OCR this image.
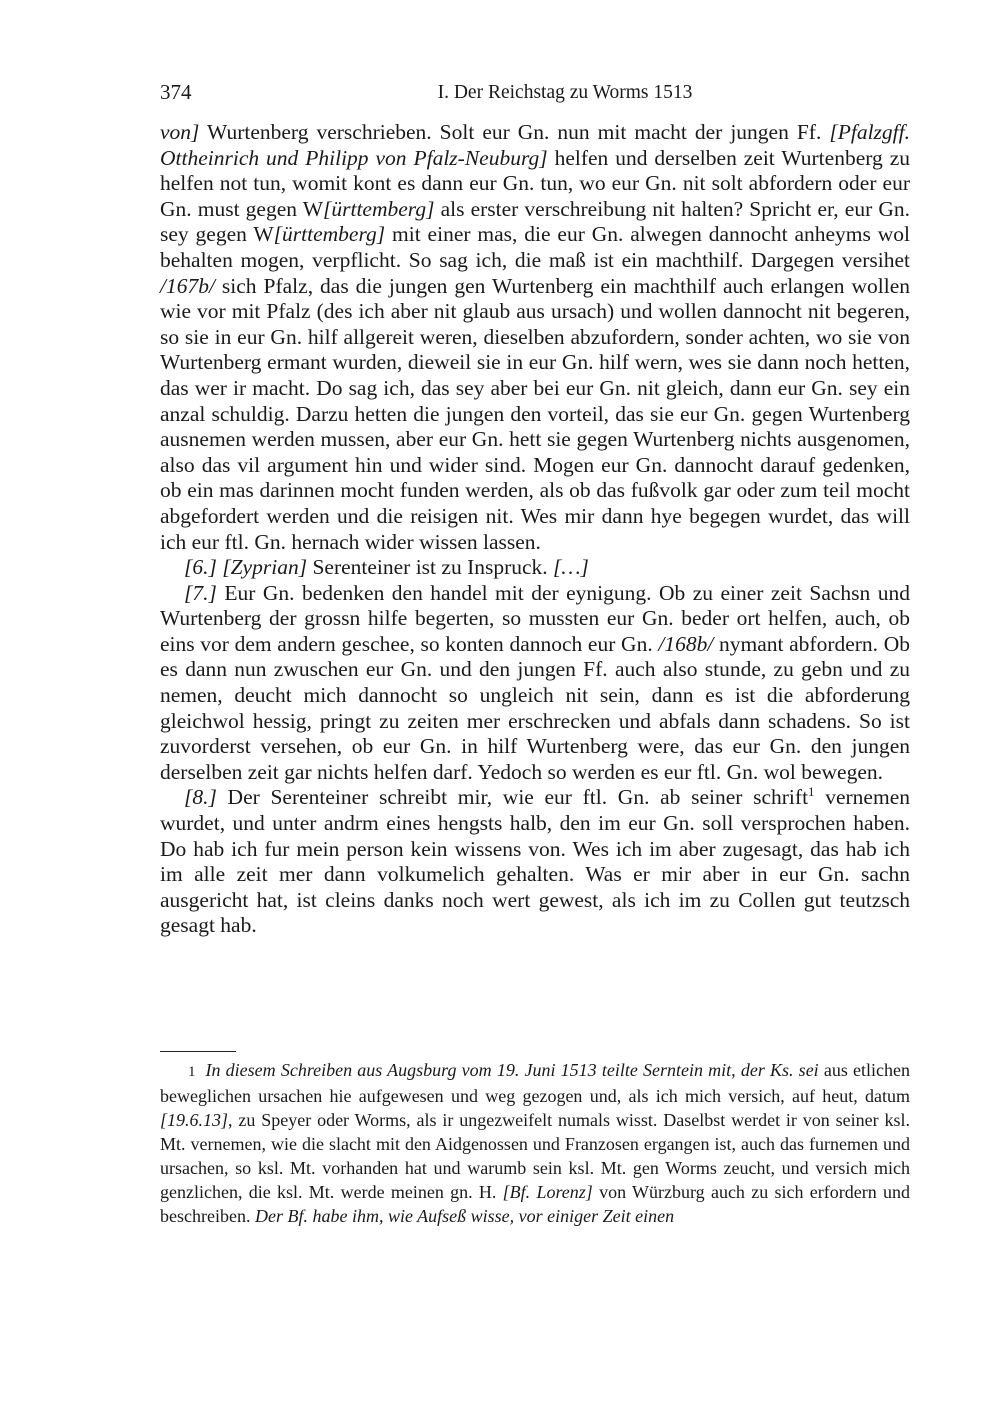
374	I. Der Reichstag zu Worms 1513

von] Wurtenberg verschrieben. Solt eur Gn. nun mit macht der jungen Ff. [Pfalzgff. Ottheinrich und Philipp von Pfalz-Neuburg] helfen und derselben zeit Wurtenberg zu helfen not tun, womit kont es dann eur Gn. tun, wo eur Gn. nit solt abfordern oder eur Gn. must gegen W[ürttemberg] als erster verschreibung nit halten? Spricht er, eur Gn. sey gegen W[ürttemberg] mit einer mas, die eur Gn. alwegen dannocht anheyms wol behalten mogen, verpflicht. So sag ich, die maß ist ein machthilf. Dargegen versihet /167b/ sich Pfalz, das die jungen gen Wurtenberg ein machthilf auch erlangen wollen wie vor mit Pfalz (des ich aber nit glaub aus ursach) und wollen dannocht nit begeren, so sie in eur Gn. hilf allgereit weren, dieselben abzufordern, sonder achten, wo sie von Wurtenberg ermant wurden, dieweil sie in eur Gn. hilf wern, wes sie dann noch hetten, das wer ir macht. Do sag ich, das sey aber bei eur Gn. nit gleich, dann eur Gn. sey ein anzal schuldig. Darzu hetten die jungen den vorteil, das sie eur Gn. gegen Wurtenberg ausnemen werden mussen, aber eur Gn. hett sie gegen Wurtenberg nichts ausgenomen, also das vil argument hin und wider sind. Mogen eur Gn. dannocht darauf gedenken, ob ein mas darinnen mocht funden werden, als ob das fußvolk gar oder zum teil mocht abgefordert werden und die reisigen nit. Wes mir dann hye begegen wurdet, das will ich eur ftl. Gn. hernach wider wissen lassen.

[6.] [Zyprian] Serenteiner ist zu Inspruck. […]

[7.] Eur Gn. bedenken den handel mit der eynigung. Ob zu einer zeit Sachsn und Wurtenberg der grossn hilfe begerten, so mussten eur Gn. beder ort helfen, auch, ob eins vor dem andern geschee, so konten dannoch eur Gn. /168b/ nymant abfordern. Ob es dann nun zwuschen eur Gn. und den jungen Ff. auch also stunde, zu gebn und zu nemen, deucht mich dannocht so ungleich nit sein, dann es ist die abforderung gleichwol hessig, pringt zu zeiten mer erschrecken und abfals dann schadens. So ist zuvorderst versehen, ob eur Gn. in hilf Wurtenberg were, das eur Gn. den jungen derselben zeit gar nichts helfen darf. Yedoch so werden es eur ftl. Gn. wol bewegen.

[8.] Der Serenteiner schreibt mir, wie eur ftl. Gn. ab seiner schrift$^1$ vernemen wurdet, und unter andrm eines hengsts halb, den im eur Gn. soll versprochen haben. Do hab ich fur mein person kein wissens von. Wes ich im aber zugesagt, das hab ich im alle zeit mer dann volkumelich gehalten. Was er mir aber in eur Gn. sachn ausgericht hat, ist cleins danks noch wert gewest, als ich im zu Collen gut teutzsch gesagt hab.

1 In diesem Schreiben aus Augsburg vom 19. Juni 1513 teilte Serntein mit, der Ks. sei aus etlichen beweglichen ursachen hie aufgewesen und weg gezogen und, als ich mich versich, auf heut, datum [19.6.13], zu Speyer oder Worms, als ir ungezweifelt numals wisst. Daselbst werdet ir von seiner ksl. Mt. vernemen, wie die slacht mit den Aidgenossen und Franzosen ergangen ist, auch das furnemen und ursachen, so ksl. Mt. vorhanden hat und warumb sein ksl. Mt. gen Worms zeucht, und versich mich genzlichen, die ksl. Mt. werde meinen gn. H. [Bf. Lorenz] von Würzburg auch zu sich erfordern und beschreiben. Der Bf. habe ihm, wie Aufseß wisse, vor einiger Zeit einen
